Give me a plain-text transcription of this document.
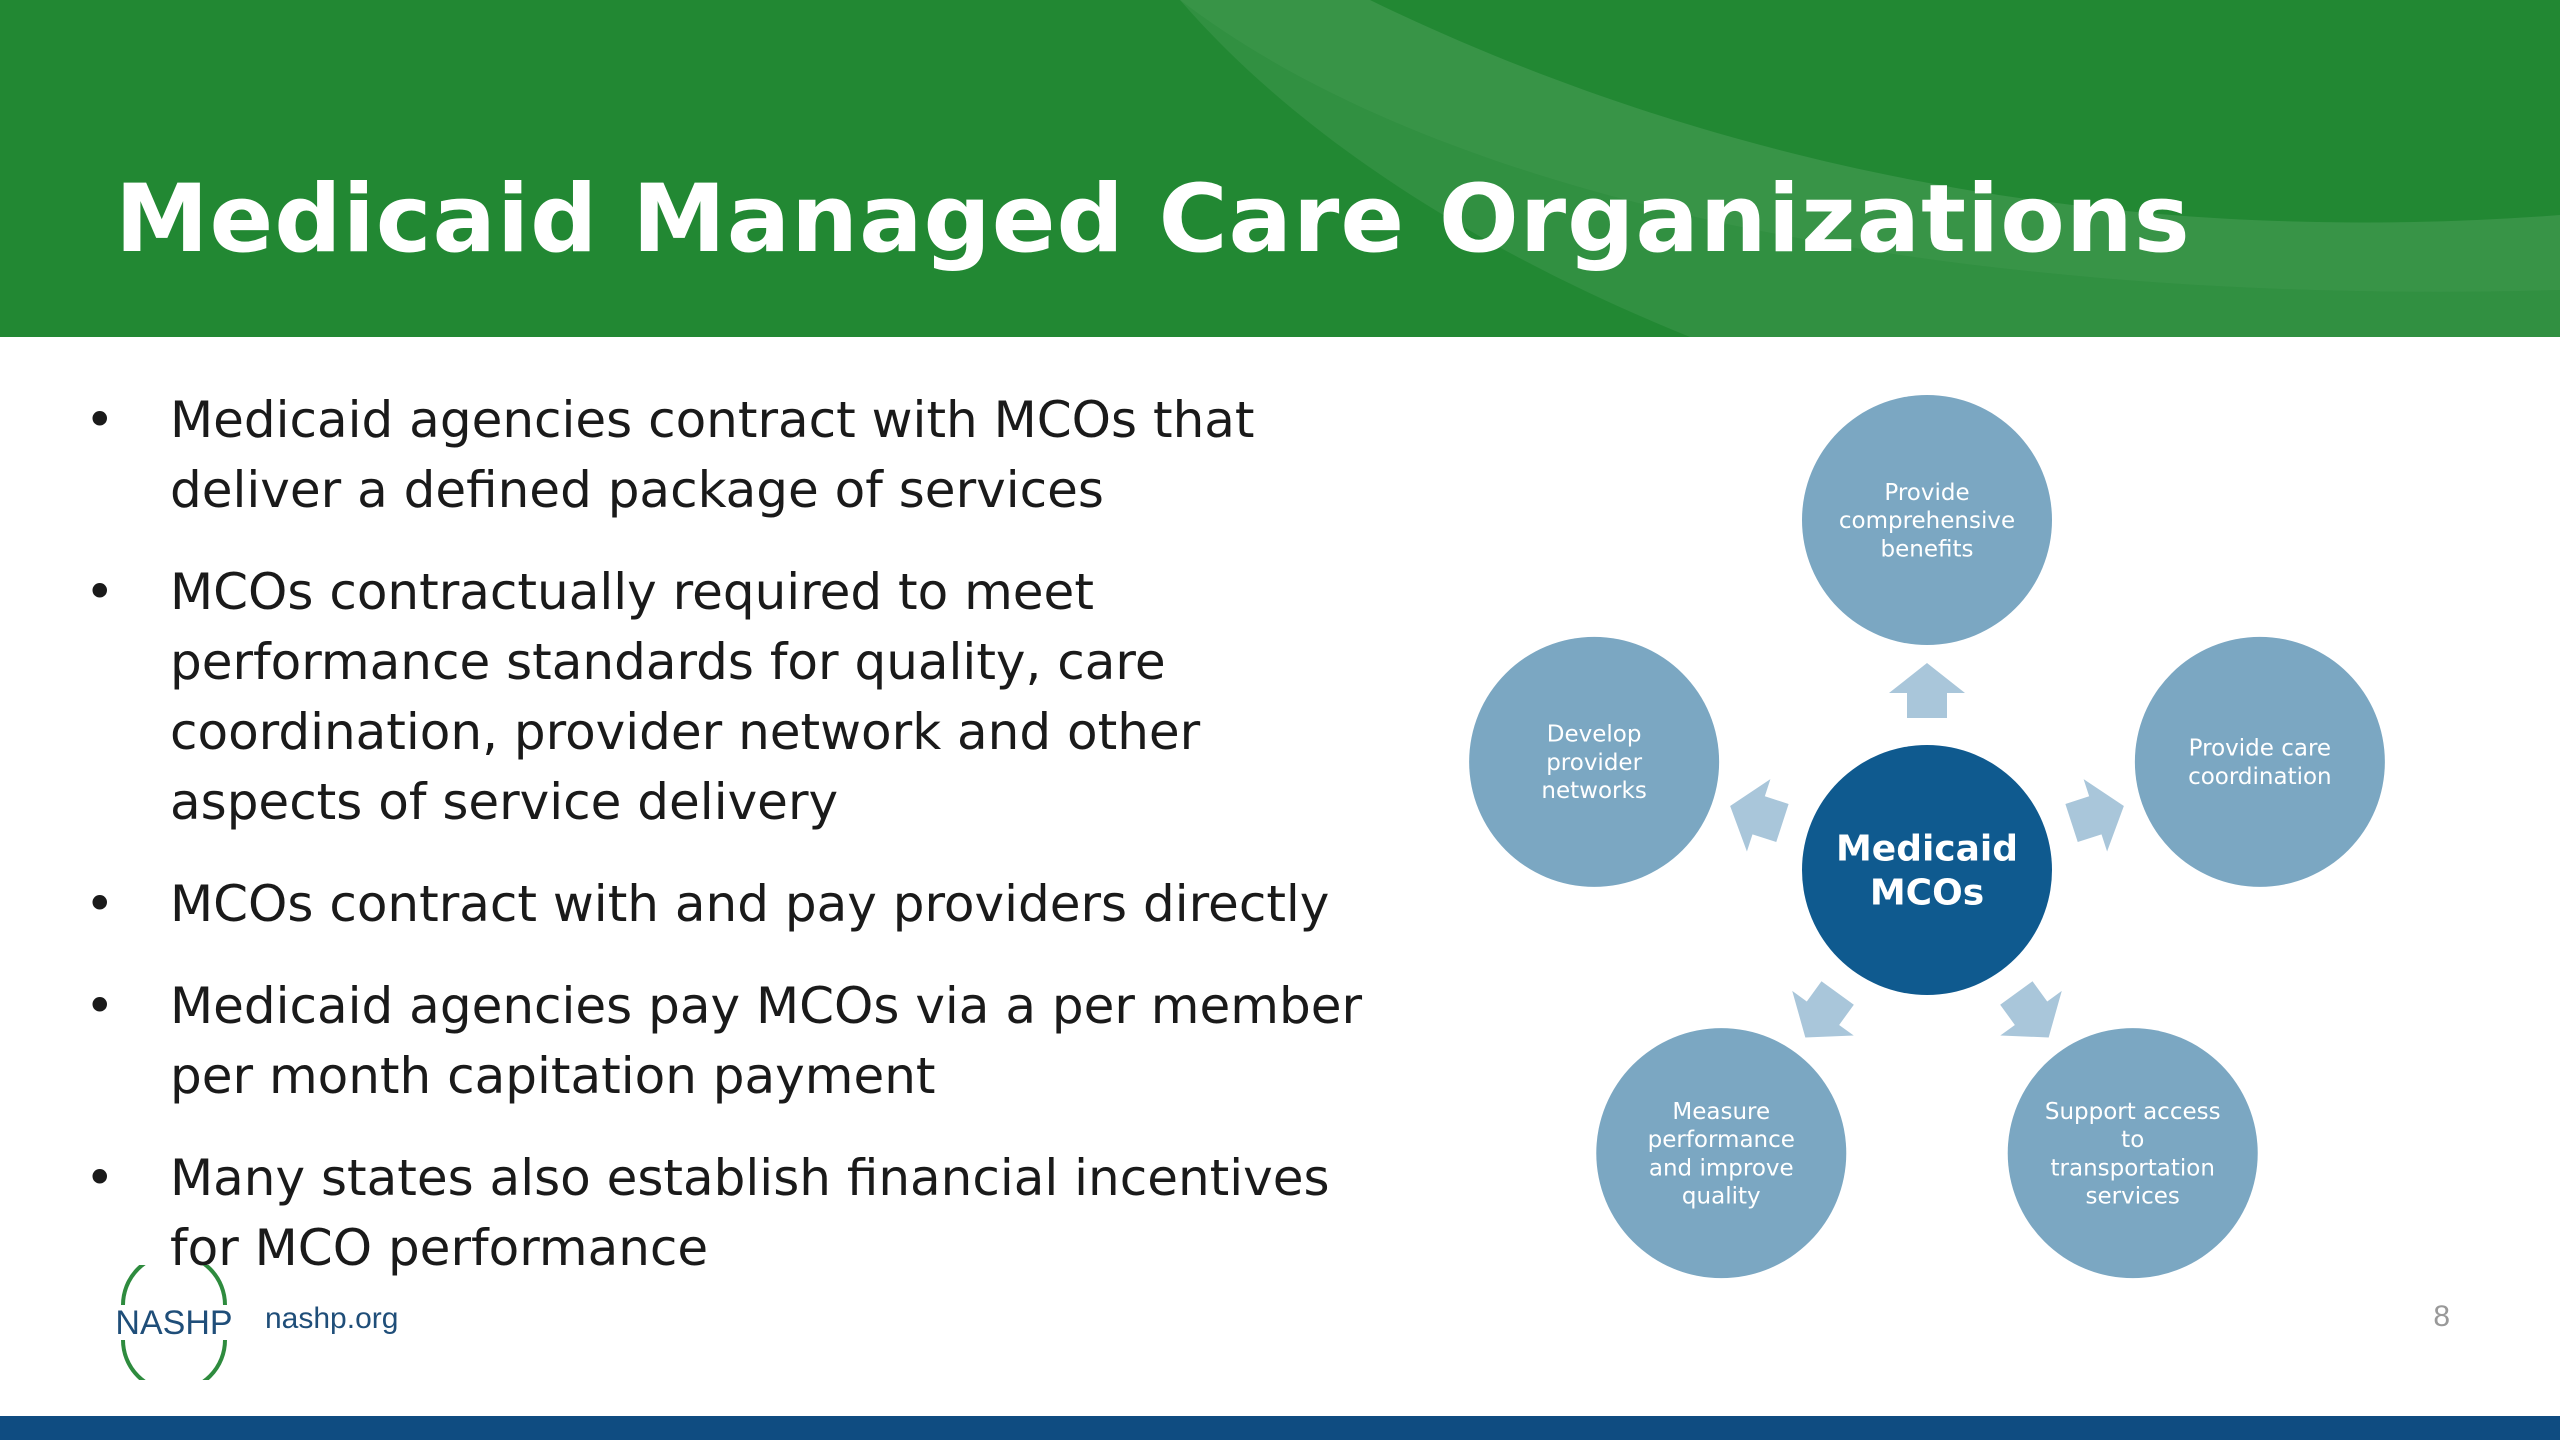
Medicaid Managed Care Organizations
• Medicaid agencies contract with MCOs that deliver a defined package of services
• MCOs contractually required to meet performance standards for quality, care coordination, provider network and other aspects of service delivery
• MCOs contract with and pay providers directly
• Medicaid agencies pay MCOs via a per member per month capitation payment
• Many states also establish financial incentives for MCO performance
Provide
comprehensive
benefits
Provide care
coordination
Support access
to
transportation
services
Measure
performance
and improve
quality
Develop
provider
networks
Medicaid
MCOs
NASHP nashp.org	8
